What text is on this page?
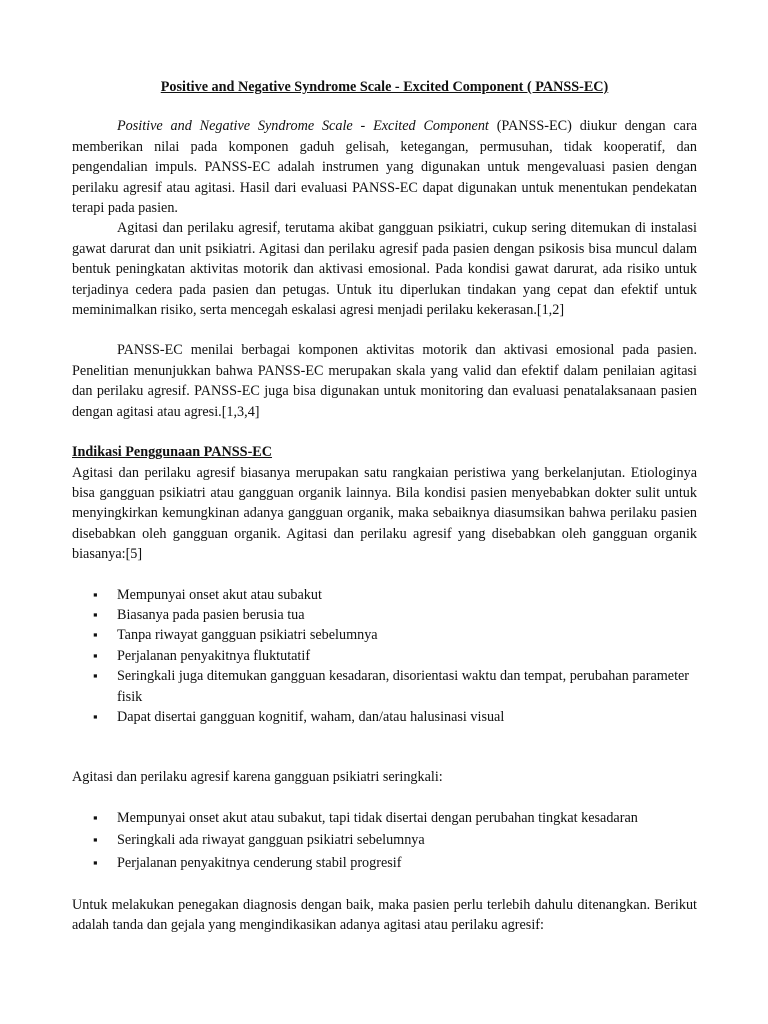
Positive and Negative Syndrome Scale - Excited Component ( PANSS-EC)

Positive and Negative Syndrome Scale - Excited Component (PANSS-EC) diukur dengan cara memberikan nilai pada komponen gaduh gelisah, ketegangan, permusuhan, tidak kooperatif, dan pengendalian impuls. PANSS-EC adalah instrumen yang digunakan untuk mengevaluasi pasien dengan perilaku agresif atau agitasi. Hasil dari evaluasi PANSS-EC dapat digunakan untuk menentukan pendekatan terapi pada pasien.

Agitasi dan perilaku agresif, terutama akibat gangguan psikiatri, cukup sering ditemukan di instalasi gawat darurat dan unit psikiatri. Agitasi dan perilaku agresif pada pasien dengan psikosis bisa muncul dalam bentuk peningkatan aktivitas motorik dan aktivasi emosional. Pada kondisi gawat darurat, ada risiko untuk terjadinya cedera pada pasien dan petugas. Untuk itu diperlukan tindakan yang cepat dan efektif untuk meminimalkan risiko, serta mencegah eskalasi agresi menjadi perilaku kekerasan.[1,2]

PANSS-EC menilai berbagai komponen aktivitas motorik dan aktivasi emosional pada pasien. Penelitian menunjukkan bahwa PANSS-EC merupakan skala yang valid dan efektif dalam penilaian agitasi dan perilaku agresif. PANSS-EC juga bisa digunakan untuk monitoring dan evaluasi penatalaksanaan pasien dengan agitasi atau agresi.[1,3,4]

Indikasi Penggunaan PANSS-EC

Agitasi dan perilaku agresif biasanya merupakan satu rangkaian peristiwa yang berkelanjutan. Etiologinya bisa gangguan psikiatri atau gangguan organik lainnya. Bila kondisi pasien menyebabkan dokter sulit untuk menyingkirkan kemungkinan adanya gangguan organik, maka sebaiknya diasumsikan bahwa perilaku pasien disebabkan oleh gangguan organik. Agitasi dan perilaku agresif yang disebabkan oleh gangguan organik biasanya:[5]

▪ Mempunyai onset akut atau subakut
▪ Biasanya pada pasien berusia tua
▪ Tanpa riwayat gangguan psikiatri sebelumnya
▪ Perjalanan penyakitnya fluktutatif
▪ Seringkali juga ditemukan gangguan kesadaran, disorientasi waktu dan tempat, perubahan parameter fisik
▪ Dapat disertai gangguan kognitif, waham, dan/atau halusinasi visual

Agitasi dan perilaku agresif karena gangguan psikiatri seringkali:

▪ Mempunyai onset akut atau subakut, tapi tidak disertai dengan perubahan tingkat kesadaran
▪ Seringkali ada riwayat gangguan psikiatri sebelumnya
▪ Perjalanan penyakitnya cenderung stabil progresif

Untuk melakukan penegakan diagnosis dengan baik, maka pasien perlu terlebih dahulu ditenangkan. Berikut adalah tanda dan gejala yang mengindikasikan adanya agitasi atau perilaku agresif:
